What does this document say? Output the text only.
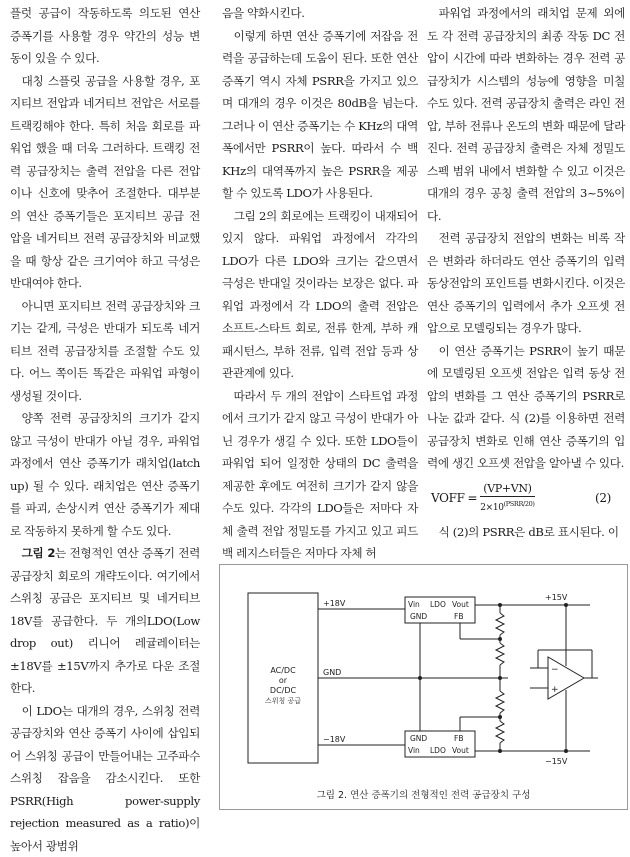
플럿 공급이 작동하도록 의도된 연산 증폭기를 사용할 경우 약간의 성능 변동이 있을 수 있다.

대칭 스플릿 공급을 사용할 경우, 포지티브 전압과 네거티브 전압은 서로를 트랙킹해야 한다. 특히 처음 회로를 파워업 했을 때 더욱 그러하다. 트랙킹 전력 공급장치는 출력 전압을 다른 전압이나 신호에 맞추어 조절한다. 대부분의 연산 증폭기들은 포지티브 공급 전압을 네거티브 전력 공급장치와 비교했을 때 항상 같은 크기여야 하고 극성은 반대여야 한다.

아니면 포지티브 전력 공급장치와 크기는 같게, 극성은 반대가 되도록 네거티브 전력 공급장치를 조절할 수도 있다. 어느 쪽이든 똑같은 파워업 파형이 생성될 것이다.

양쪽 전력 공급장치의 크기가 같지 않고 극성이 반대가 아닐 경우, 파워업 과정에서 연산 증폭기가 래치업(latch up) 될 수 있다. 래치업은 연산 증폭기를 파괴, 손상시켜 연산 증폭기가 제대로 작동하지 못하게 할 수도 있다.

그림 2는 전형적인 연산 증폭기 전력 공급장치 회로의 개략도이다. 여기에서 스위칭 공급은 포지티브 및 네거티브 18V를 공급한다. 두 개의LDO(Low drop out) 리니어 레귤레이터는 ±18V를 ±15V까지 추가로 다운 조절한다.

이 LDO는 대개의 경우, 스위칭 전력 공급장치와 연산 증폭기 사이에 삽입되어 스위칭 공급이 만들어내는 고주파수 스위칭 잡음을 감소시킨다. 또한 PSRR(High power-supply rejection measured as a ratio)이 높아서 광범위

음을 약화시킨다.

이렇게 하면 연산 증폭기에 저잡음 전력을 공급하는데 도움이 된다. 또한 연산 증폭기 역시 자체 PSRR을 가지고 있으며 대개의 경우 이것은 80dB을 넘는다. 그러나 이 연산 증폭기는 수 KHz의 대역폭에서만 PSRR이 높다. 따라서 수 백 KHz의 대역폭까지 높은 PSRR을 제공할 수 있도록 LDO가 사용된다.

그림 2의 회로에는 트랙킹이 내재되어 있지 않다. 파워업 과정에서 각각의 LDO가 다른 LDO와 크기는 같으면서 극성은 반대일 것이라는 보장은 없다. 파워업 과정에서 각 LDO의 출력 전압은 소프트-스타트 회로, 전류 한계, 부하 캐패시턴스, 부하 전류, 입력 전압 등과 상관관계에 있다.

따라서 두 개의 전압이 스타트업 과정에서 크기가 같지 않고 극성이 반대가 아닌 경우가 생길 수 있다. 또한 LDO들이 파워업 되어 일정한 상태의 DC 출력을 제공한 후에도 여전히 크기가 같지 않을 수도 있다. 각각의 LDO들은 저마다 자체 출력 전압 정밀도를 가지고 있고 피드백 레지스터들은 저마다 자체 허

파워업 과정에서의 래치업 문제 외에도 각 전력 공급장치의 최종 작동 DC 전압이 시간에 따라 변화하는 경우 전력 공급장치가 시스템의 성능에 영향을 미칠 수도 있다. 전력 공급장치 출력은 라인 전압, 부하 전류나 온도의 변화 때문에 달라진다. 전력 공급장치 출력은 자체 정밀도 스펙 범위 내에서 변화할 수 있고 이것은 대개의 경우 공칭 출력 전압의 3~5%이다.

전력 공급장치 전압의 변화는 비록 작은 변화라 하더라도 연산 증폭기의 입력 동상전압의 포인트를 변화시킨다. 이것은 연산 증폭기의 입력에서 추가 오프셋 전압으로 모델링되는 경우가 많다.

이 연산 증폭기는 PSRR이 높기 때문에 모델링된 오프셋 전압은 입력 동상 전압의 변화를 그 연산 증폭기의 PSRR로 나눈 값과 같다. 식 (2)를 이용하면 전력 공급장치 변화로 인해 연산 증폭기의 입력에 생긴 오프셋 전압을 알아낼 수 있다.

VOFF = $\frac{(VP+VN)}{2\times 10^{(PSRR/20)}}$	(2)

식 (2)의 PSRR은 dB로 표시된다. 이

AC/DC
or
DC/DC
스위칭 공급
+18V
GND
−18V
Vin LDO Vout
GND	FB
GND	FB
Vin LDO Vout
+15V
−15V
−
+
그림 2. 연산 증폭기의 전형적인 전력 공급장치 구성
